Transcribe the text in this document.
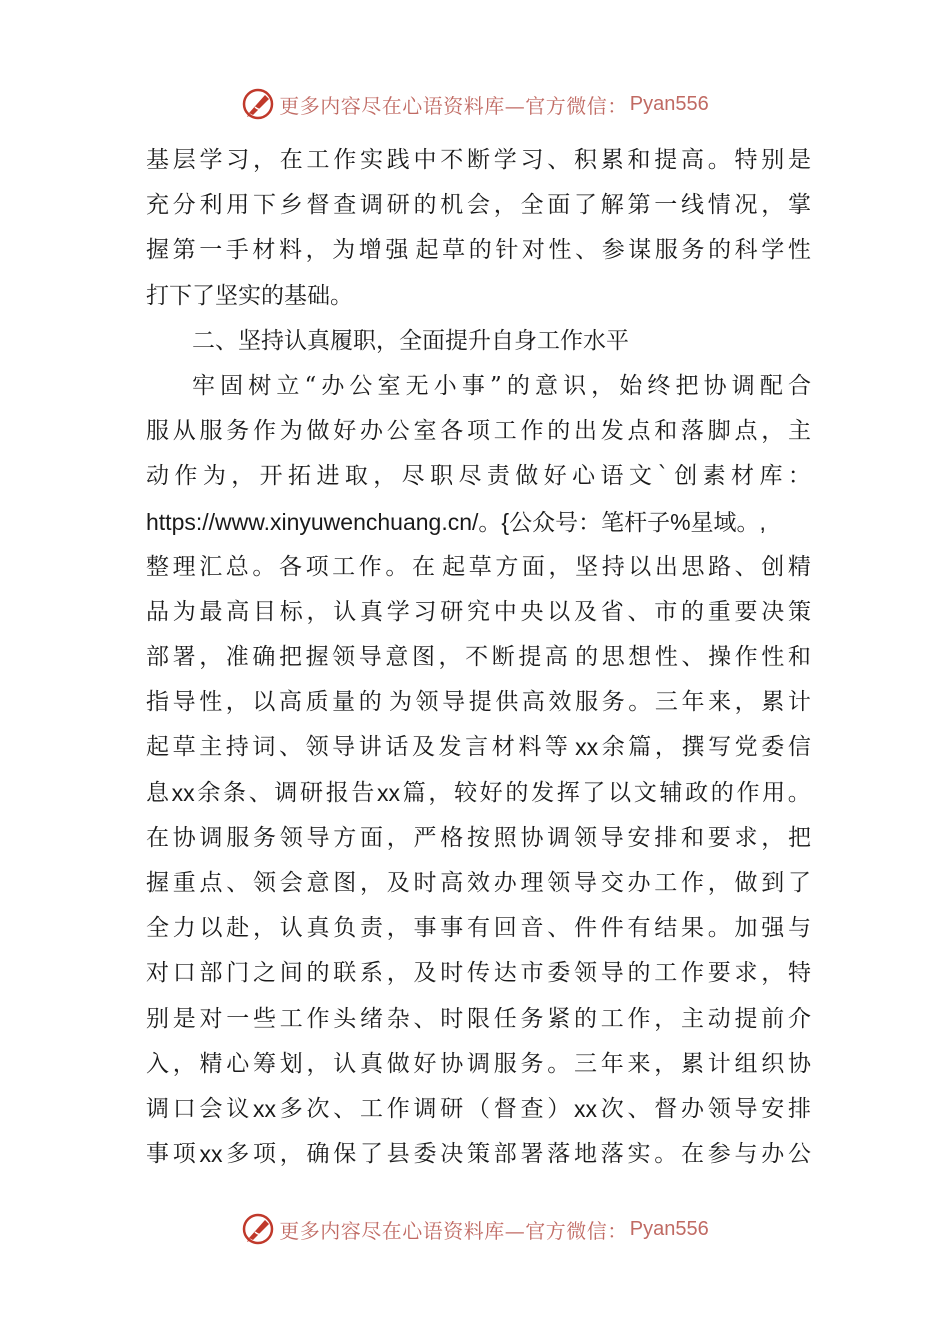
更多内容尽在心语资料库—官方微信： Pyan556
基 层 学 习 ， 在 工 作 实 践 中 不 断 学 习 、 积 累 和 提 高 。 特 别 是
充 分 利 用 下 乡 督 查 调 研 的 机 会 ， 全 面 了 解 第 一 线 情 况 ， 掌
握 第 一 手 材 料 ， 为 增 强 起 草 的 针 对 性 、 参 谋 服 务 的 科 学 性
打下了坚实的基础。
二、坚持认真履职，全面提升自身工作水平
牢 固 树 立 “ 办 公 室 无 小 事 ” 的 意 识 ， 始 终 把 协 调 配 合
服 从 服 务 作 为 做 好 办 公 室 各 项 工 作 的 出 发 点 和 落 脚 点 ， 主
动 作 为 ， 开 拓 进 取 ， 尽 职 尽 责 做 好 心 语 文 ` 创 素 材 库 ：
https://www.xinyuwenchuang.cn/。{公众号：笔杆子%星域。,
整 理 汇 总 。 各 项 工 作 。 在 起 草 方 面 ， 坚 持 以 出 思 路 、 创 精
品 为 最 高 目 标 ， 认 真 学 习 研 究 中 央 以 及 省 、 市 的 重 要 决 策
部 署 ， 准 确 把 握 领 导 意 图 ， 不 断 提 高 的 思 想 性 、 操 作 性 和
指 导 性 ， 以 高 质 量 的 为 领 导 提 供 高 效 服 务 。 三 年 来 ， 累 计
起 草 主 持 词 、 领 导 讲 话 及 发 言 材 料 等 xx 余 篇 ， 撰 写 党 委 信
息 xx 余 条 、 调 研 报 告 xx 篇 ， 较 好 的 发 挥 了 以 文 辅 政 的 作 用 。
在 协 调 服 务 领 导 方 面 ， 严 格 按 照 协 调 领 导 安 排 和 要 求 ， 把
握 重 点 、 领 会 意 图 ， 及 时 高 效 办 理 领 导 交 办 工 作 ， 做 到 了
全 力 以 赴 ， 认 真 负 责 ， 事 事 有 回 音 、 件 件 有 结 果 。 加 强 与
对 口 部 门 之 间 的 联 系 ， 及 时 传 达 市 委 领 导 的 工 作 要 求 ， 特
别 是 对 一 些 工 作 头 绪 杂 、 时 限 任 务 紧 的 工 作 ， 主 动 提 前 介
入 ， 精 心 筹 划 ， 认 真 做 好 协 调 服 务 。 三 年 来 ， 累 计 组 织 协
调 口 会 议 xx 多 次 、 工 作 调 研 （ 督 查 ） xx 次 、 督 办 领 导 安 排
事 项 xx 多 项 ， 确 保 了 县 委 决 策 部 署 落 地 落 实 。 在 参 与 办 公
更多内容尽在心语资料库—官方微信： Pyan556
